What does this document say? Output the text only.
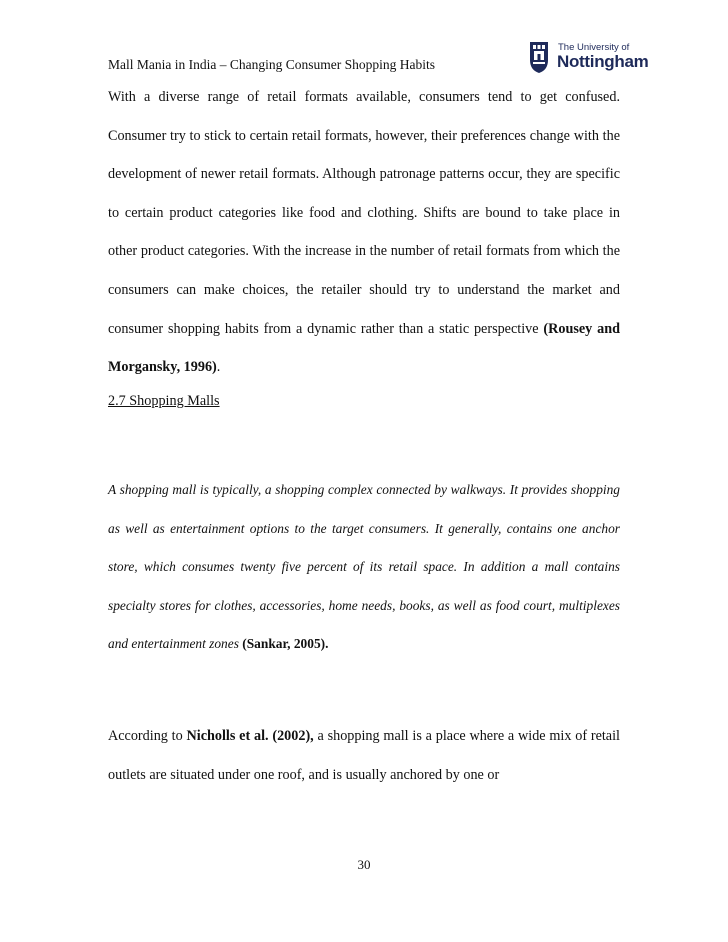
Mall Mania in India – Changing Consumer Shopping Habits
The University of
Nottingham

With a diverse range of retail formats available, consumers tend to get confused. Consumer try to stick to certain retail formats, however, their preferences change with the development of newer retail formats. Although patronage patterns occur, they are specific to certain product categories like food and clothing. Shifts are bound to take place in other product categories. With the increase in the number of retail formats from which the consumers can make choices, the retailer should try to understand the market and consumer shopping habits from a dynamic rather than a static perspective (Rousey and Morgansky, 1996).

2.7 Shopping Malls

A shopping mall is typically, a shopping complex connected by walkways. It provides shopping as well as entertainment options to the target consumers. It generally, contains one anchor store, which consumes twenty five percent of its retail space. In addition a mall contains specialty stores for clothes, accessories, home needs, books, as well as food court, multiplexes and entertainment zones (Sankar, 2005).

According to Nicholls et al. (2002), a shopping mall is a place where a wide mix of retail outlets are situated under one roof, and is usually anchored by one or

30
